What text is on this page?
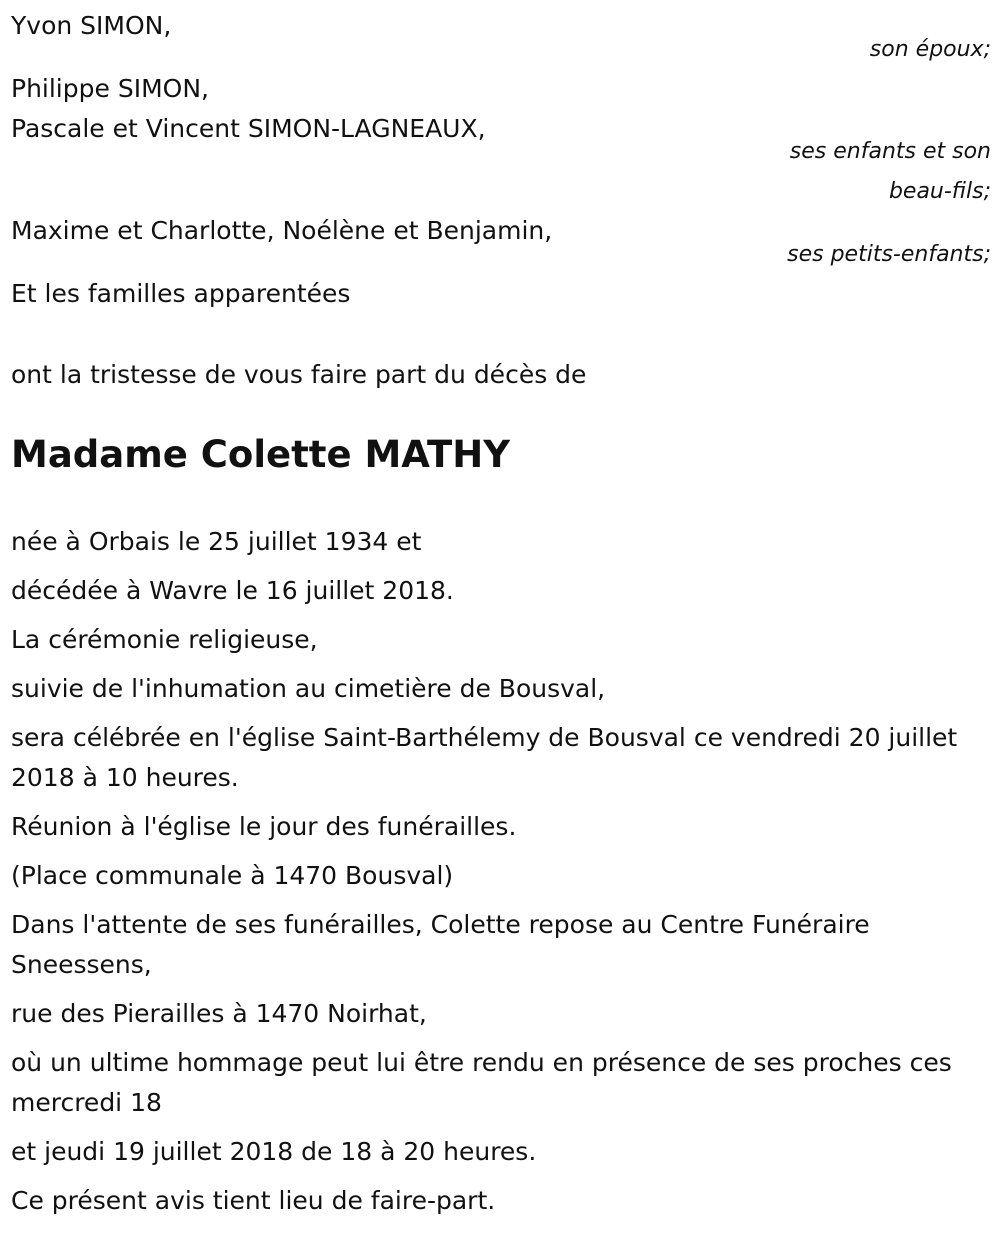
Yvon SIMON,
son époux;
Philippe SIMON,
Pascale et Vincent SIMON-LAGNEAUX,
ses enfants et son
beau-fils;
Maxime et Charlotte, Noélène et Benjamin,
ses petits-enfants;
Et les familles apparentées
ont la tristesse de vous faire part du décès de
Madame Colette MATHY
née à Orbais le 25 juillet 1934 et
décédée à Wavre le 16 juillet 2018.
La cérémonie religieuse,
suivie de l'inhumation au cimetière de Bousval,
sera célébrée en l'église Saint-Barthélemy de Bousval ce vendredi 20 juillet 2018 à 10 heures.
Réunion à l'église le jour des funérailles.
(Place communale à 1470 Bousval)
Dans l'attente de ses funérailles, Colette repose au Centre Funéraire Sneessens,
rue des Pierailles à 1470 Noirhat,
où un ultime hommage peut lui être rendu en présence de ses proches ces mercredi 18
et jeudi 19 juillet 2018 de 18 à 20 heures.
Ce présent avis tient lieu de faire-part.
